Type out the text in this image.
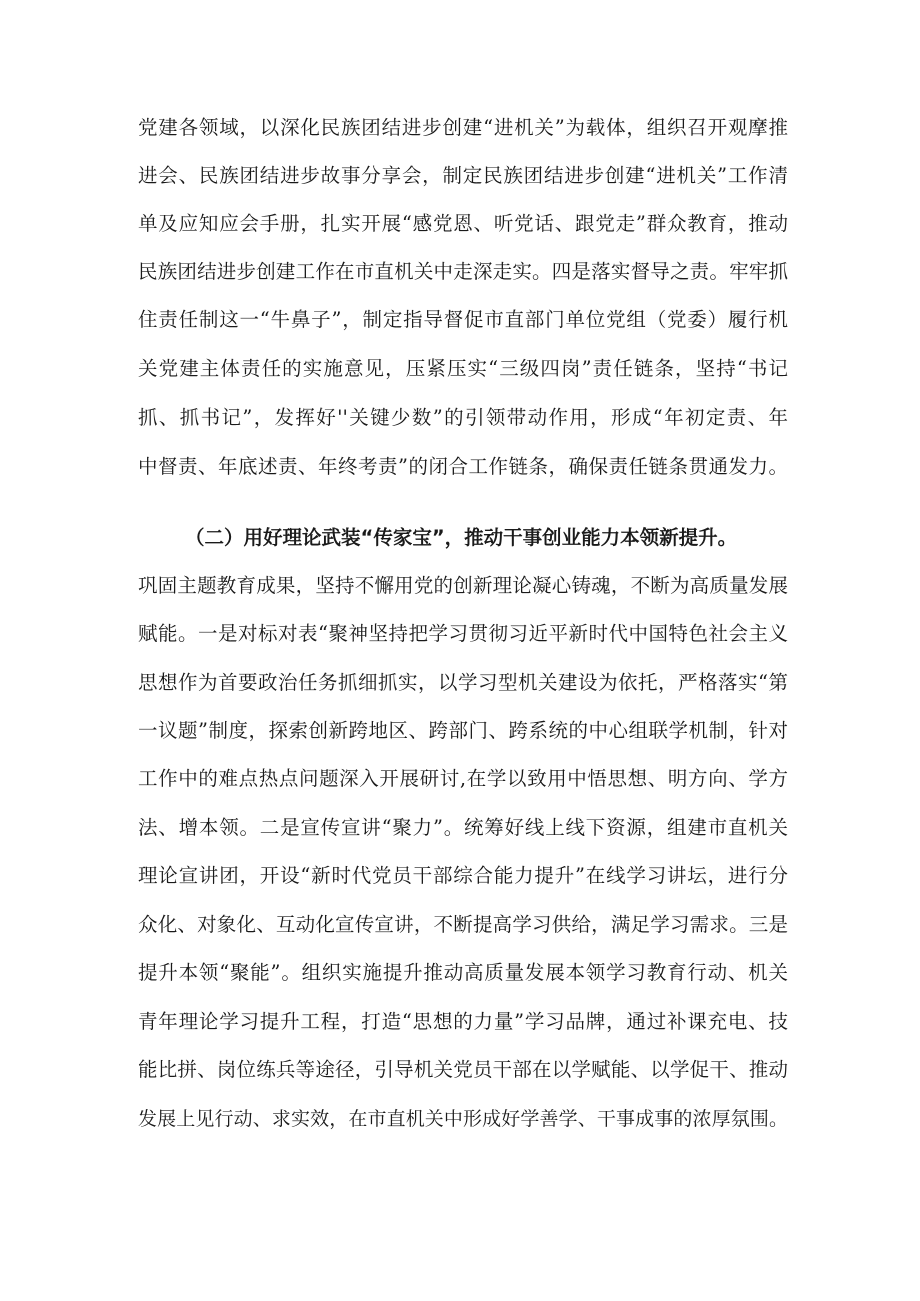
党建各领域，以深化民族团结进步创建“进机关”为载体，组织召开观摩推
进会、民族团结进步故事分享会，制定民族团结进步创建“进机关”工作清
单及应知应会手册，扎实开展“感党恩、听党话、跟党走”群众教育，推动
民族团结进步创建工作在市直机关中走深走实。四是落实督导之责。牢牢抓
住责任制这一“牛鼻子”，制定指导督促市直部门单位党组（党委）履行机
关党建主体责任的实施意见，压紧压实“三级四岗”责任链条，坚持“书记
抓、抓书记”，发挥好''关键少数”的引领带动作用，形成“年初定责、年
中督责、年底述责、年终考责”的闭合工作链条，确保责任链条贯通发力。
（二）用好理论武装“传家宝”，推动干事创业能力本领新提升。
巩固主题教育成果，坚持不懈用党的创新理论凝心铸魂，不断为高质量发展
赋能。一是对标对表“聚神坚持把学习贯彻习近平新时代中国特色社会主义
思想作为首要政治任务抓细抓实，以学习型机关建设为依托，严格落实“第
一议题”制度，探索创新跨地区、跨部门、跨系统的中心组联学机制，针对
工作中的难点热点问题深入开展研讨,在学以致用中悟思想、明方向、学方
法、增本领。二是宣传宣讲“聚力”。统筹好线上线下资源，组建市直机关
理论宣讲团，开设“新时代党员干部综合能力提升”在线学习讲坛，进行分
众化、对象化、互动化宣传宣讲，不断提高学习供给，满足学习需求。三是
提升本领“聚能”。组织实施提升推动高质量发展本领学习教育行动、机关
青年理论学习提升工程，打造“思想的力量”学习品牌，通过补课充电、技
能比拼、岗位练兵等途径，引导机关党员干部在以学赋能、以学促干、推动
发展上见行动、求实效，在市直机关中形成好学善学、干事成事的浓厚氛围。
